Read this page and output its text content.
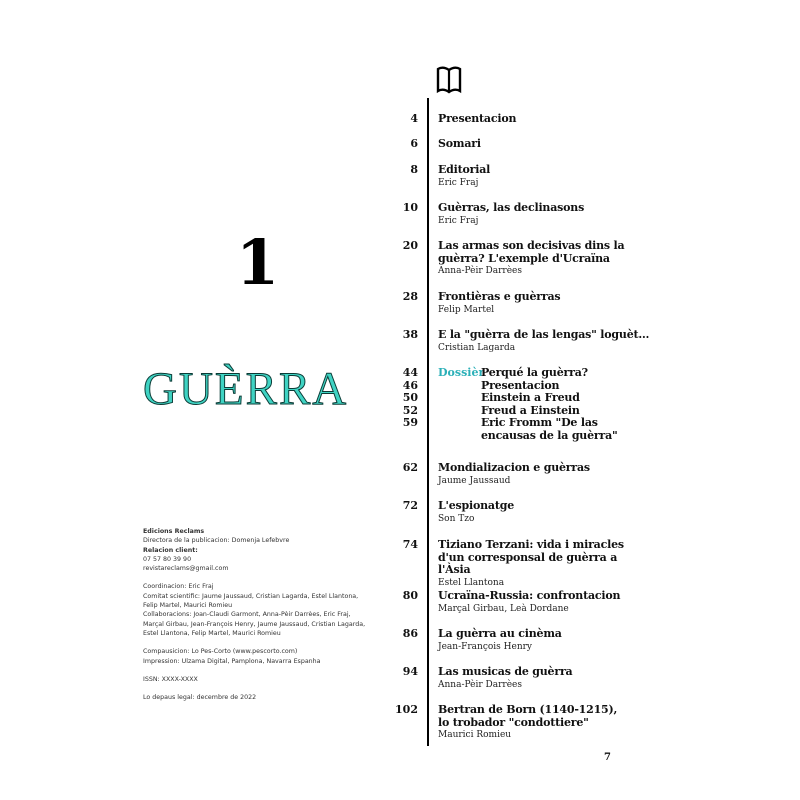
1
GUÈRRA
4 Presentacion
6 Somari
8 Editorial
Eric Fraj
10 Guèrras, las declinasons
Eric Fraj
20 Las armas son decisivas dins la guèrra? L'exemple d'Ucraïna
Anna-Pèir Darrèes
28 Frontièras e guèrras
Felip Martel
38 E la "guèrra de las lengas" loguèt…
Cristian Lagarda
44
46
50
52
59
Dossièr
Perqué la guèrra?
Presentacion
Einstein a Freud
Freud a Einstein
Eric Fromm "De las encausas de la guèrra"
62 Mondializacion e guèrras
Jaume Jaussaud
72 L'espionatge
Son Tzo
74 Tiziano Terzani: vida i miracles d'un corresponsal de guèrra a l'Àsia
Estel Llantona
80 Ucraïna-Russia: confrontacion
Marçal Girbau, Leà Dordane
86 La guèrra au cinèma
Jean-François Henry
94 Las musicas de guèrra
Anna-Pèir Darrèes
102 Bertran de Born (1140-1215), lo trobador "condottiere"
Maurici Romieu

Edicions Reclams
Directora de la publicacion: Domenja Lefebvre
Relacion client:
07 57 80 39 90
revistareclams@gmail.com

Coordinacion: Eric Fraj
Comitat scientific: Jaume Jaussaud, Cristian Lagarda, Estel Llantona, Felip Martel, Maurici Romieu
Collaboracions: Joan-Claudi Garmont, Anna-Pèir Darrèes, Eric Fraj, Marçal Girbau, Jean-François Henry, Jaume Jaussaud, Cristian Lagarda, Estel Llantona, Felip Martel, Maurici Romieu

Compausicion: Lo Pes-Corto (www.pescorto.com)
Impression: Ulzama Digital, Pamplona, Navarra Espanha

ISSN: XXXX-XXXX

Lo depaus legal: decembre de 2022

7
